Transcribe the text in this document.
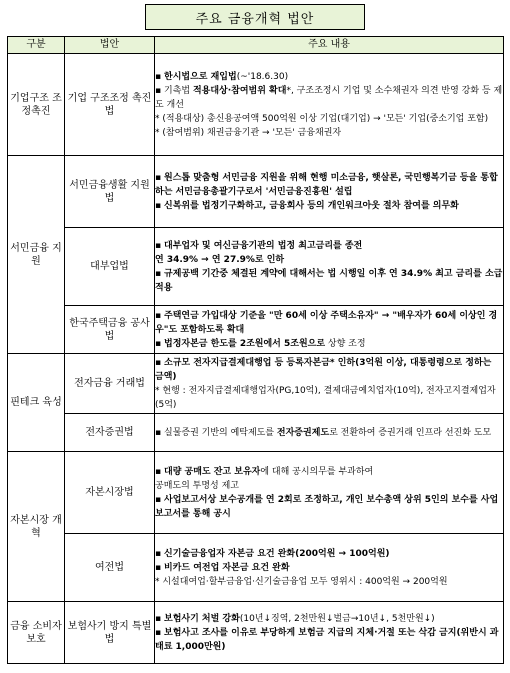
주요 금융개혁 법안
구분	법안	주요 내용
기업구조 조정촉진	기업 구조조정 촉진법	▪ 한시법으로 재입법(~'18.6.30)

▪ 기촉법 적용대상·참여범위 확대*, 구조조정시 기업 및 소수채권자 의견 반영 강화 등 제도 개선

* (적용대상) 총신용공여액 500억원 이상 기업(대기업) → '모든' 기업(중소기업 포함)

* (참여범위) 채권금융기관 → '모든' 금융채권자

서민금융 지원	서민금융생활 지원법	▪ 원스톱 맞춤형 서민금융 지원을 위해 현행 미소금융, 햇살론, 국민행복기금 등을 통합하는 서민금융총괄기구로서 '서민금융진흥원' 설립

▪ 신복위를 법정기구화하고, 금융회사 등의 개인워크아웃 절차 참여를 의무화

	대부업법	▪ 대부업자 및 여신금융기관의 법정 최고금리를 종전

연 34.9% → 연 27.9%로 인하

▪ 규제공백 기간중 체결된 계약에 대해서는 법 시행일 이후 연 34.9% 최고 금리를 소급 적용

	한국주택금융 공사법	▪ 주택연금 가입대상 기준을 "만 60세 이상 주택소유자" → "배우자가 60세 이상인 경우"도 포함하도록 확대

▪ 법정자본금 한도를 2조원에서 5조원으로 상향 조정

핀테크 육성	전자금융 거래법	▪ 소규모 전자지급결제대행업 등 등록자본금* 인하(3억원 이상, 대통령령으로 정하는 금액)

* 현행 : 전자지급결제대행업자(PG,10억), 결제대금예치업자(10억), 전자고지결제업자(5억)

	전자증권법	▪ 실물증권 기반의 예탁제도를 전자증권제도로 전환하여 증권거래 인프라 선진화 도모

자본시장 개혁	자본시장법	▪ 대량 공매도 잔고 보유자에 대해 공시의무를 부과하여

공매도의 투명성 제고

▪ 사업보고서상 보수공개를 연 2회로 조정하고, 개인 보수총액 상위 5인의 보수를 사업보고서를 통해 공시

	여전법	▪ 신기술금융업자 자본금 요건 완화(200억원 → 100억원)

▪ 비카드 여전업 자본금 요건 완화

* 시설대여업·할부금융업·신기술금융업 모두 영위시 : 400억원 → 200억원

금융 소비자 보호	보험사기 방지 특별법	▪ 보험사기 처벌 강화(10년↓징역, 2천만원↓벌금→10년↓, 5천만원↓)

▪ 보험사고 조사를 이유로 부당하게 보험금 지급의 지체·거절 또는 삭감 금지(위반시 과태료 1,000만원)
